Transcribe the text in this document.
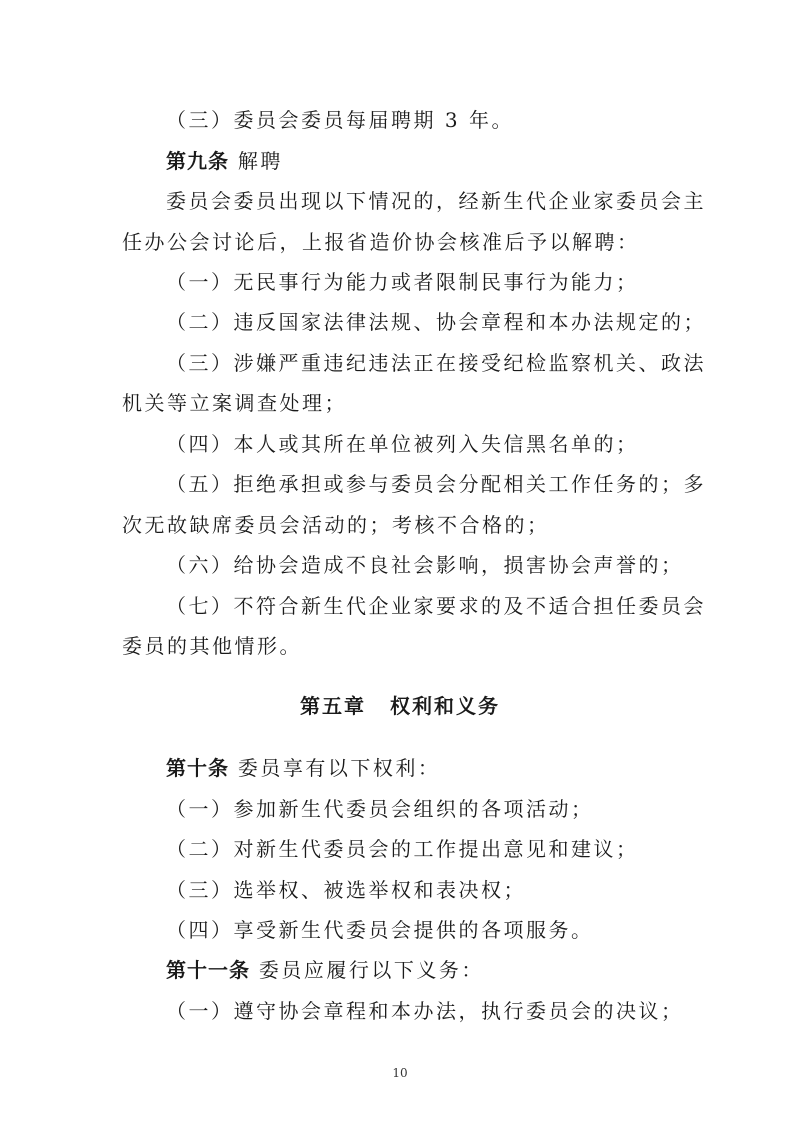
（三）委员会委员每届聘期 3 年。
第九条 解聘
委员会委员出现以下情况的，经新生代企业家委员会主
任办公会讨论后，上报省造价协会核准后予以解聘：
（一）无民事行为能力或者限制民事行为能力；
（二）违反国家法律法规、协会章程和本办法规定的；
（三）涉嫌严重违纪违法正在接受纪检监察机关、政法
机关等立案调查处理；
（四）本人或其所在单位被列入失信黑名单的；
（五）拒绝承担或参与委员会分配相关工作任务的；多
次无故缺席委员会活动的；考核不合格的；
（六）给协会造成不良社会影响，损害协会声誉的；
（七）不符合新生代企业家要求的及不适合担任委员会
委员的其他情形。
第五章 权利和义务
第十条 委员享有以下权利：
（一）参加新生代委员会组织的各项活动；
（二）对新生代委员会的工作提出意见和建议；
（三）选举权、被选举权和表决权；
（四）享受新生代委员会提供的各项服务。
第十一条 委员应履行以下义务：
（一）遵守协会章程和本办法，执行委员会的决议；
10
